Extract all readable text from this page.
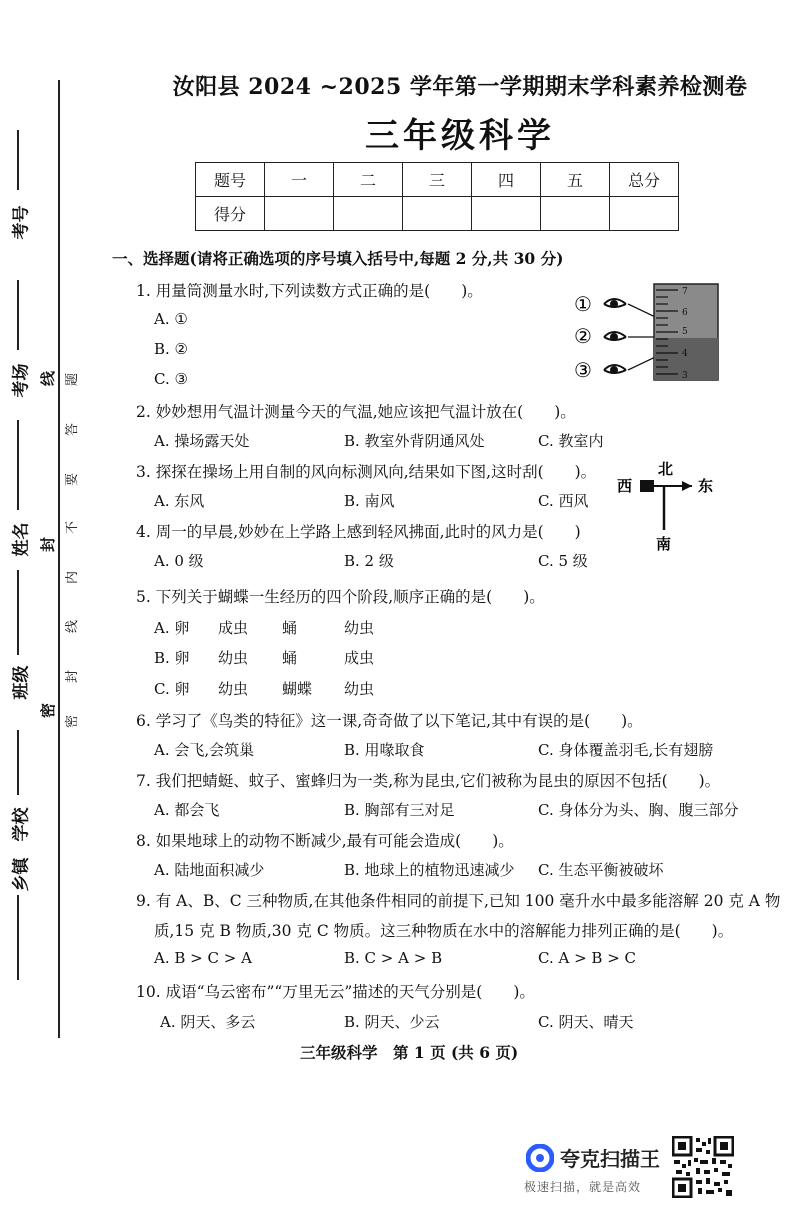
考号
考场
姓名
班级
学校
乡镇
线
封
密
题
答
要
不
内
线
封
密
汝阳县 2024 ~2025 学年第一学期期末学科素养检测卷
三年级科学
题号	一	二	三	四	五	总分
得分						
一、选择题(请将正确选项的序号填入括号中,每题 2 分,共 30 分)
1. 用量筒测量水时,下列读数方式正确的是(　　)。
A. ①
B. ②
C. ③
①
②
③
7
6
5
4
3
2. 妙妙想用气温计测量今天的气温,她应该把气温计放在(　　)。
A. 操场露天处	B. 教室外背阴通风处	C. 教室内
3. 探探在操场上用自制的风向标测风向,结果如下图,这时刮(　　)。
A. 东风	B. 南风	C. 西风
北
西	东
南
4. 周一的早晨,妙妙在上学路上感到轻风拂面,此时的风力是(　　)
A. 0 级	B. 2 级	C. 5 级
5. 下列关于蝴蝶一生经历的四个阶段,顺序正确的是(　　)。
A. 卵 成虫 蛹	幼虫
B. 卵 幼虫 蛹	成虫
C. 卵 幼虫 蝴蝶 幼虫
6. 学习了《鸟类的特征》这一课,奇奇做了以下笔记,其中有误的是(　　)。
A. 会飞,会筑巢	B. 用喙取食	C. 身体覆盖羽毛,长有翅膀
7. 我们把蜻蜓、蚊子、蜜蜂归为一类,称为昆虫,它们被称为昆虫的原因不包括(　　)。
A. 都会飞	B. 胸部有三对足	C. 身体分为头、胸、腹三部分
8. 如果地球上的动物不断减少,最有可能会造成(　　)。
A. 陆地面积减少	B. 地球上的植物迅速减少 C. 生态平衡被破坏
9. 有 A、B、C 三种物质,在其他条件相同的前提下,已知 100 毫升水中最多能溶解 20 克 A 物
质,15 克 B 物质,30 克 C 物质。这三种物质在水中的溶解能力排列正确的是(　　)。
A. B > C > A	B. C > A > B	C. A > B > C
10. 成语“乌云密布”“万里无云”描述的天气分别是(　　)。
A. 阴天、多云	B. 阴天、少云	C. 阴天、晴天
三年级科学　第 1 页 (共 6 页)
夸克扫描王
极速扫描，就是高效
